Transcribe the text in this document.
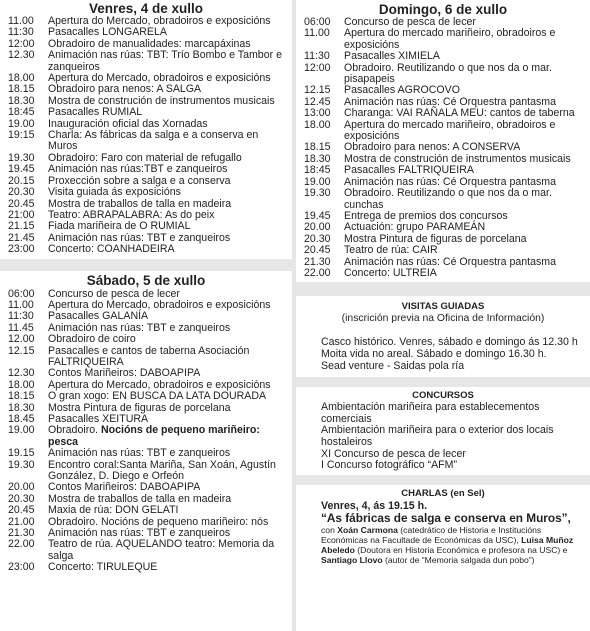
Venres, 4 de xullo
11.00	Apertura do Mercado, obradoiros e exposicións
11:30	Pasacalles LONGARELA
12:00	Obradoiro de manualidades: marcapáxinas
12.30	Animación nas rúas: TBT: Trío Bombo e Tambor e zanqueiros
18.00	Apertura do Mercado, obradoiros e exposicións
18.15	Obradoiro para nenos: A SALGA
18.30	Mostra de construción de instrumentos musicais
18:45	Pasacalles RUMIAL
19.00	Inauguración oficial das Xornadas
19:15	Charla: As fábricas da salga e a conserva en Muros
19.30	Obradoiro: Faro con material de refugallo
19.45	Animación nas rúas:TBT e zanqueiros
20.15	Proxección sobre a salga e a conserva
20.30	Visita guiada ás exposicións
20.45	Mostra de traballos de talla en madeira
21:00	Teatro: ABRAPALABRA: As do peix
21.15	Fiada mariñeira de O RUMIAL
21.45	Animación nas rúas: TBT e zanqueiros
23:00	Concerto: COANHADEIRA
Sábado, 5 de xullo
06:00	Concurso de pesca de lecer
11.00	Apertura do Mercado, obradoiros e exposicións
11:30	Pasacalles GALANÍA
11.45	Animación nas rúas: TBT e zanqueiros
12.00	Obradoiro de coiro
12.15	Pasacalles e cantos de taberna Asociación FALTRIQUEIRA
12.30	Contos Mariñeiros: DABOAPIPA
18.00	Apertura do Mercado, obradoiros e exposicións
18.15	O gran xogo: EN BUSCA DA LATA DOURADA
18.30	Mostra Pintura de figuras de porcelana
18.45	Pasacalles XEITURA
19.00	Obradoiro. Nocións de pequeno mariñeiro: pesca
19.15	Animación nas rúas: TBT e zanqueiros
19.30	Encontro coral:Santa Mariña, San Xoán, Agustín González, D. Diego e Orfeón
20.00	Contos Mariñeiros: DABOAPIPA
20.30	Mostra de traballos de talla en madeira
20.45	Maxia de rúa: DON GELATI
21.00	Obradoiro. Nocións de pequeno mariñeiro: nós
21.30	Animación nas rúas: TBT e zanqueiros
22.00	Teatro de rúa. AQUELANDO teatro: Memoria da salga
23:00	Concerto: TIRULEQUE
Domingo, 6 de xullo
06:00	Concurso de pesca de lecer
11.00	Apertura do mercado mariñeiro, obradoiros e exposicións
11:30	Pasacalles XIMIELA
12:00	Obradoiro. Reutilizando o que nos da o mar. pisapapeis
12.15	Pasacalles AGROCOVO
12.45	Animación nas rúas: Cé Orquestra pantasma
13:00	Charanga: VAI RAÑALA MEU: cantos de taberna
18.00	Apertura do mercado mariñeiro, obradoiros e exposicións
18.15	Obradoiro para nenos: A CONSERVA
18.30	Mostra de construción de instrumentos musicais
18:45	Pasacalles FALTRIQUEIRA
19.00	Animación nas rúas: Cé Orquestra pantasma
19.30	Obradoiro. Reutilizando o que nos da o mar. cunchas
19.45	Entrega de premios dos concursos
20.00	Actuación: grupo PARAMEÁN
20.30	Mostra Pintura de figuras de porcelana
20.45	Teatro de rúa: CAIR
21.30	Animación nas rúas: Cé Orquestra pantasma
22.00	Concerto: ULTREIA
VISITAS GUIADAS
(inscrición previa na Oficina de Información)
Casco histórico. Venres, sábado e domingo ás 12.30 h
Moita vida no areal. Sábado e domingo 16.30 h.
Sead venture - Saidas pola ría
CONCURSOS
Ambientación mariñeira para establecementos comerciais
Ambientación mariñeira para o exterior dos locais hostaleiros
XI Concurso de pesca de lecer
I Concurso fotográfico “AFM”
CHARLAS (en Sel)
Venres, 4, ás 19.15 h.
“As fábricas de salga e conserva en Muros”,
con Xoán Carmona (catedrático de Historia e Institucións Económicas na Facultade de Económicas da USC), Luisa Muñoz Abeledo (Doutora en Historia Económica e profesora na USC) e Santiago Llovo (autor de “Memoria salgada dun pobo”)
